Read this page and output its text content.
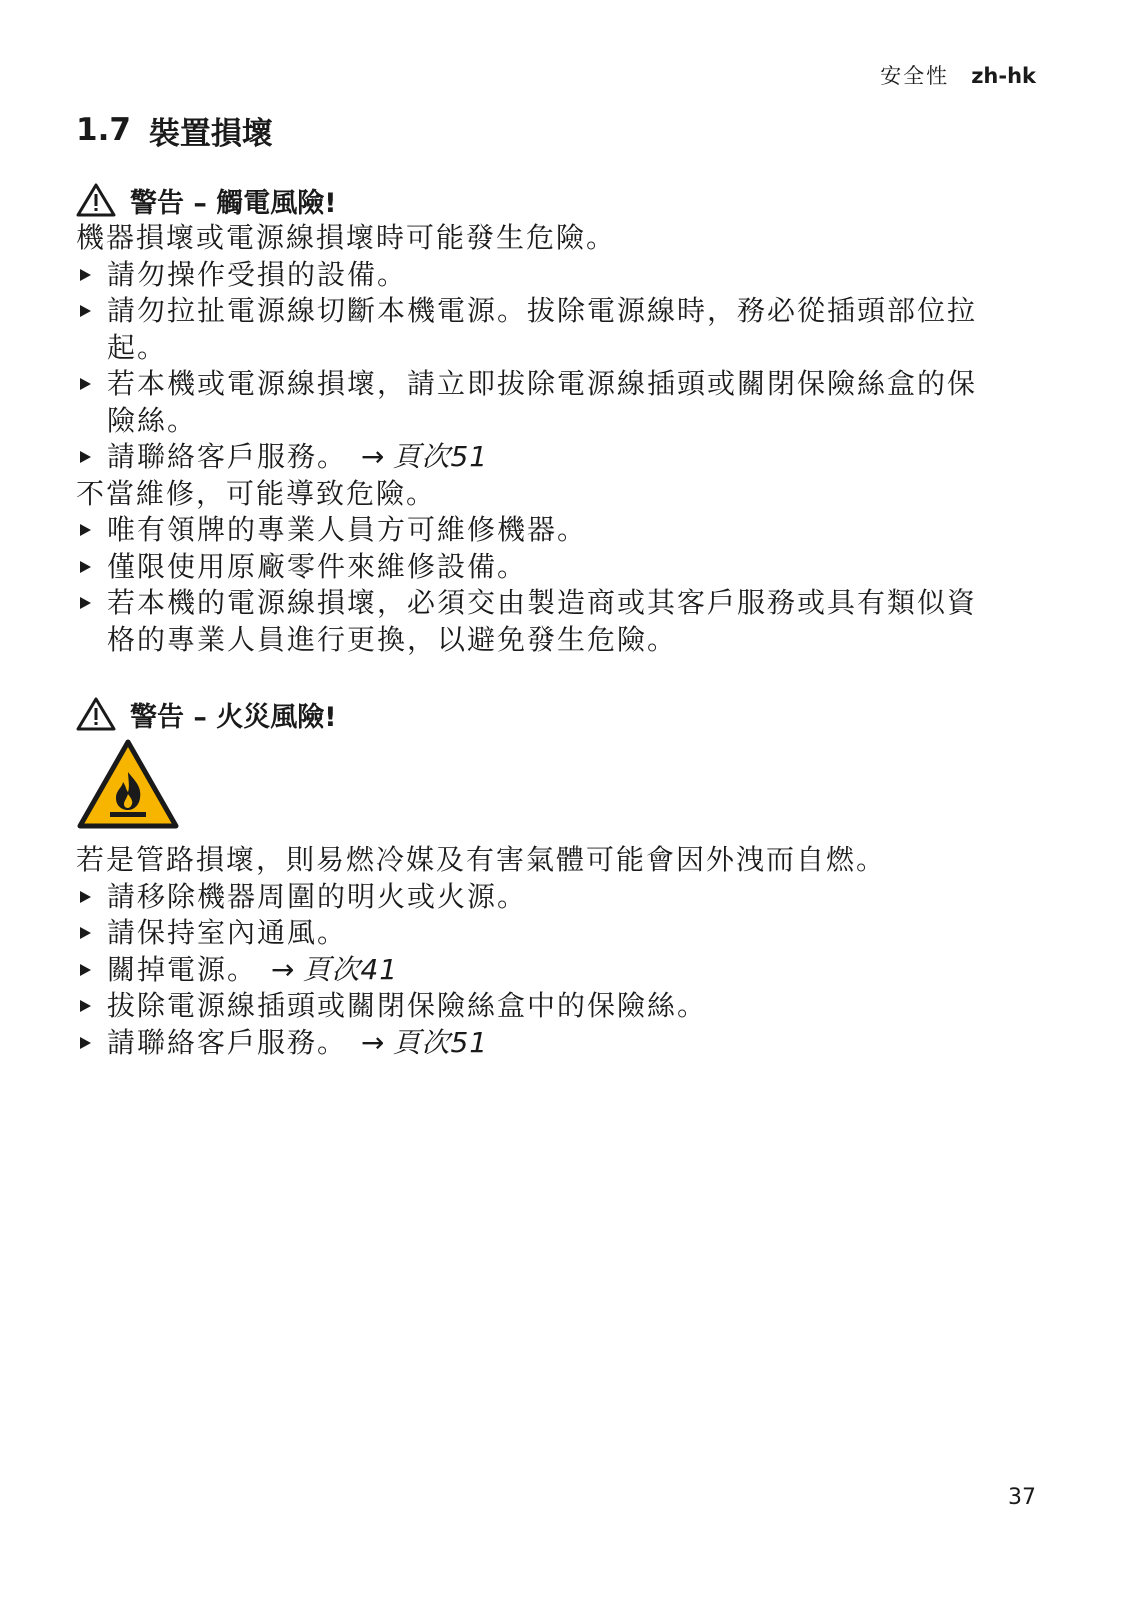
安全性 zh-hk
1.7 裝置損壞
警告 – 觸電風險!

機器損壞或電源線損壞時可能發生危險。

請勿操作受損的設備。
請勿拉扯電源線切斷本機電源。拔除電源線時，務必從插頭部位拉
起。
若本機或電源線損壞，請立即拔除電源線插頭或關閉保險絲盒的保
險絲。
請聯絡客戶服務。 → 頁次51

不當維修，可能導致危險。

唯有領牌的專業人員方可維修機器。
僅限使用原廠零件來維修設備。
若本機的電源線損壞，必須交由製造商或其客戶服務或具有類似資
格的專業人員進行更換，以避免發生危險。
警告 – 火災風險!

若是管路損壞，則易燃冷媒及有害氣體可能會因外洩而自燃。

請移除機器周圍的明火或火源。
請保持室內通風。
關掉電源。 → 頁次41
拔除電源線插頭或關閉保險絲盒中的保險絲。
請聯絡客戶服務。 → 頁次51
37
